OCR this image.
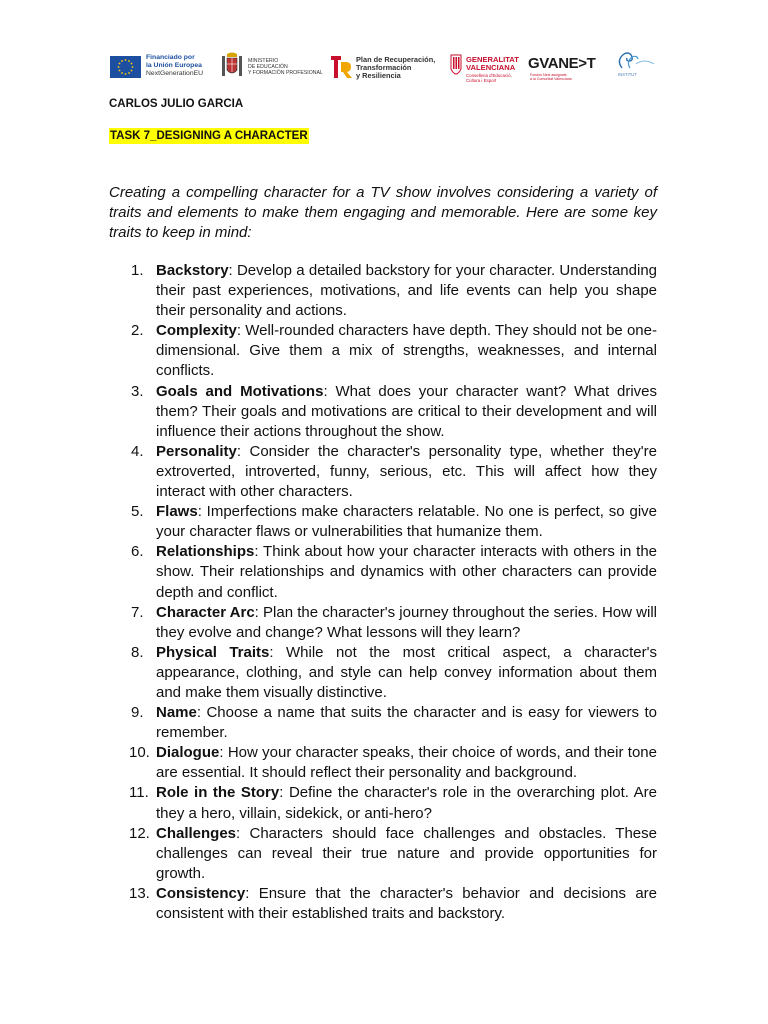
Financiado por
la Unión Europea
NextGenerationEU
MINISTERIO
DE EDUCACIÓN
Y FORMACIÓN PROFESIONAL
Plan de Recuperación,
Transformación
y Resiliencia
GENERALITAT
VALENCIANA
Conselleria d'Educació,
Cultura i Esport
GVANE>T
Fondos Next assignats
a la Comunitat Valenciana
INSTITUT
CARLOS JULIO GARCIA
TASK 7_DESIGNING A CHARACTER

Creating a compelling character for a TV show involves considering a variety of traits and elements to make them engaging and memorable. Here are some key traits to keep in mind:

1. Backstory: Develop a detailed backstory for your character. Understanding their past experiences, motivations, and life events can help you shape their personality and actions.
2. Complexity: Well-rounded characters have depth. They should not be one-dimensional. Give them a mix of strengths, weaknesses, and internal conflicts.
3. Goals and Motivations: What does your character want? What drives them? Their goals and motivations are critical to their development and will influence their actions throughout the show.
4. Personality: Consider the character's personality type, whether they're extroverted, introverted, funny, serious, etc. This will affect how they interact with other characters.
5. Flaws: Imperfections make characters relatable. No one is perfect, so give your character flaws or vulnerabilities that humanize them.
6. Relationships: Think about how your character interacts with others in the show. Their relationships and dynamics with other characters can provide depth and conflict.
7. Character Arc: Plan the character's journey throughout the series. How will they evolve and change? What lessons will they learn?
8. Physical Traits: While not the most critical aspect, a character's appearance, clothing, and style can help convey information about them and make them visually distinctive.
9. Name: Choose a name that suits the character and is easy for viewers to remember.
10. Dialogue: How your character speaks, their choice of words, and their tone are essential. It should reflect their personality and background.
11. Role in the Story: Define the character's role in the overarching plot. Are they a hero, villain, sidekick, or anti-hero?
12. Challenges: Characters should face challenges and obstacles. These challenges can reveal their true nature and provide opportunities for growth.
13. Consistency: Ensure that the character's behavior and decisions are consistent with their established traits and backstory.
